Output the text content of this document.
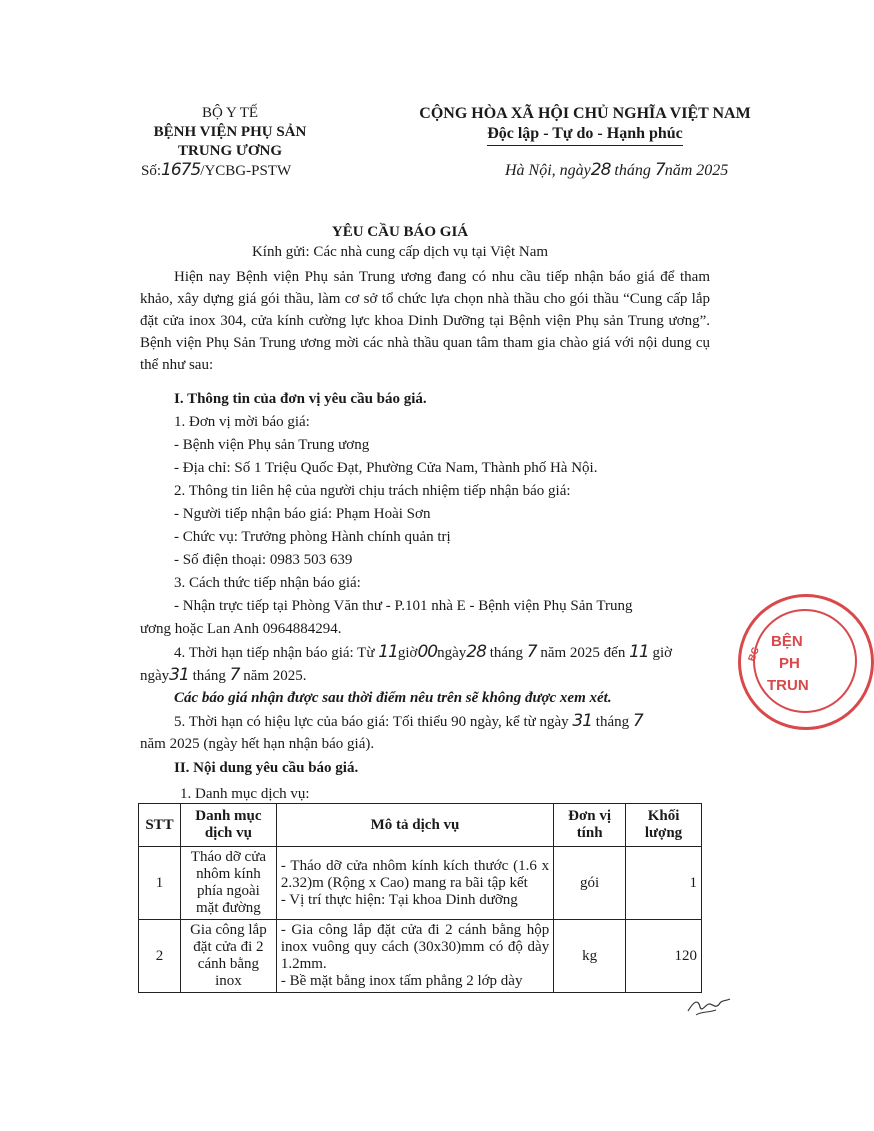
BỘ Y TẾ
BỆNH VIỆN PHỤ SẢN
TRUNG ƯƠNG
Số:1675/YCBG-PSTW
CỘNG HÒA XÃ HỘI CHỦ NGHĨA VIỆT NAM
Độc lập - Tự do - Hạnh phúc
Hà Nội, ngày28 tháng 7năm 2025
YÊU CẦU BÁO GIÁ
Kính gửi: Các nhà cung cấp dịch vụ tại Việt Nam
Hiện nay Bệnh viện Phụ sản Trung ương đang có nhu cầu tiếp nhận báo giá để tham khảo, xây dựng giá gói thầu, làm cơ sở tổ chức lựa chọn nhà thầu cho gói thầu “Cung cấp lắp đặt cửa inox 304, cửa kính cường lực khoa Dinh Dưỡng tại Bệnh viện Phụ sản Trung ương”. Bệnh viện Phụ Sản Trung ương mời các nhà thầu quan tâm tham gia chào giá với nội dung cụ thể như sau:
I. Thông tin của đơn vị yêu cầu báo giá.
1. Đơn vị mời báo giá:
- Bệnh viện Phụ sản Trung ương
- Địa chỉ: Số 1 Triệu Quốc Đạt, Phường Cửa Nam, Thành phố Hà Nội.
2. Thông tin liên hệ của người chịu trách nhiệm tiếp nhận báo giá:
- Người tiếp nhận báo giá: Phạm Hoài Sơn
- Chức vụ: Trưởng phòng Hành chính quản trị
- Số điện thoại: 0983 503 639
3. Cách thức tiếp nhận báo giá:
- Nhận trực tiếp tại Phòng Văn thư - P.101 nhà E - Bệnh viện Phụ Sản Trung
ương hoặc Lan Anh 0964884294.
4. Thời hạn tiếp nhận báo giá: Từ 11giờ00ngày28 tháng 7 năm 2025 đến 11 giờ
ngày31 tháng 7 năm 2025.
Các báo giá nhận được sau thời điểm nêu trên sẽ không được xem xét.
5. Thời hạn có hiệu lực của báo giá: Tối thiểu 90 ngày, kể từ ngày 31 tháng 7
năm 2025 (ngày hết hạn nhận báo giá).
II. Nội dung yêu cầu báo giá.
1. Danh mục dịch vụ:
STT	Danh mục dịch vụ	Mô tả dịch vụ	Đơn vị tính	Khối lượng
1	Tháo dỡ cửa nhôm kính phía ngoài mặt đường	- Tháo dỡ cửa nhôm kính kích thước (1.6 x 2.32)m (Rộng x Cao) mang ra bãi tập kết
- Vị trí thực hiện: Tại khoa Dinh dưỡng	gói	1
2	Gia công lắp đặt cửa đi 2 cánh bằng inox	- Gia công lắp đặt cửa đi 2 cánh bằng hộp inox vuông quy cách (30x30)mm có độ dày 1.2mm.
- Bề mặt bằng inox tấm phẳng 2 lớp dày	kg	120
BỆN
PH
TRUN
BC
